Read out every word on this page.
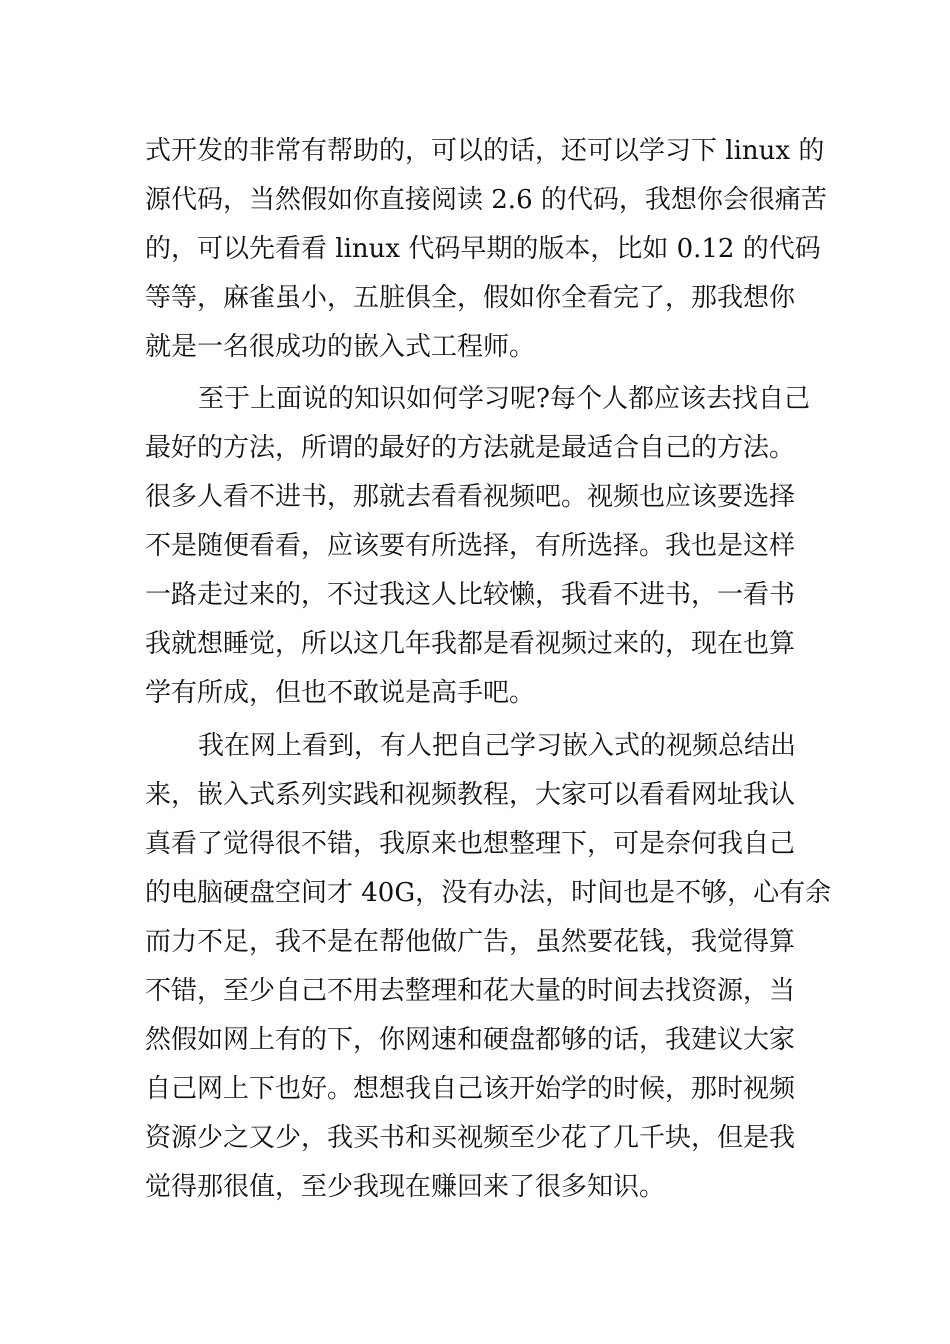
式开发的非常有帮助的，可以的话，还可以学习下 linux 的
源代码，当然假如你直接阅读 2.6 的代码，我想你会很痛苦
的，可以先看看 linux 代码早期的版本，比如 0.12 的代码
等等，麻雀虽小，五脏俱全，假如你全看完了，那我想你
就是一名很成功的嵌入式工程师。
至于上面说的知识如何学习呢?每个人都应该去找自己
最好的方法，所谓的最好的方法就是最适合自己的方法。
很多人看不进书，那就去看看视频吧。视频也应该要选择
不是随便看看，应该要有所选择，有所选择。我也是这样
一路走过来的，不过我这人比较懒，我看不进书，一看书
我就想睡觉，所以这几年我都是看视频过来的，现在也算
学有所成，但也不敢说是高手吧。
我在网上看到，有人把自己学习嵌入式的视频总结出
来，嵌入式系列实践和视频教程，大家可以看看网址我认
真看了觉得很不错，我原来也想整理下，可是奈何我自己
的电脑硬盘空间才 40G，没有办法，时间也是不够，心有余
而力不足，我不是在帮他做广告，虽然要花钱，我觉得算
不错，至少自己不用去整理和花大量的时间去找资源，当
然假如网上有的下，你网速和硬盘都够的话，我建议大家
自己网上下也好。想想我自己该开始学的时候，那时视频
资源少之又少，我买书和买视频至少花了几千块，但是我
觉得那很值，至少我现在赚回来了很多知识。
